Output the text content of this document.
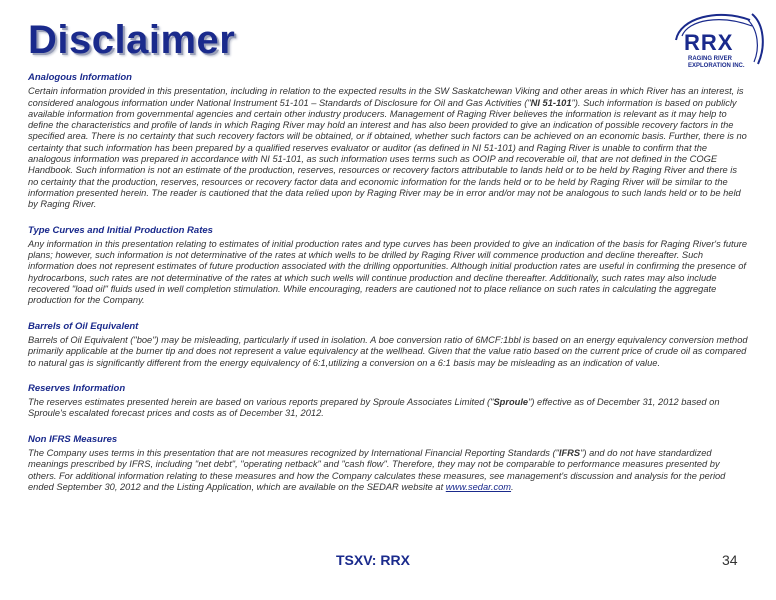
Disclaimer	RRX
RAGING RIVER
EXPLORATION INC.
Analogous Information
Certain information provided in this presentation, including in relation to the expected results in the SW Saskatchewan Viking and other areas in which River has an interest, is considered analogous information under National Instrument 51-101 – Standards of Disclosure for Oil and Gas Activities ("NI 51-101"). Such information is based on publicly available information from governmental agencies and certain other industry producers. Management of Raging River believes the information is relevant as it may help to define the characteristics and profile of lands in which Raging River may hold an interest and has also been provided to give an indication of possible recovery factors in the specified area. There is no certainty that such recovery factors will be obtained, or if obtained, whether such factors can be achieved on an economic basis. Further, there is no certainty that such information has been prepared by a qualified reserves evaluator or auditor (as defined in NI 51-101) and Raging River is unable to confirm that the analogous information was prepared in accordance with NI 51-101, as such information uses terms such as OOIP and recoverable oil, that are not defined in the COGE Handbook. Such information is not an estimate of the production, reserves, resources or recovery factors attributable to lands held or to be held by Raging River and there is no certainty that the production, reserves, resources or recovery factor data and economic information for the lands held or to be held by Raging River will be similar to the information presented herein. The reader is cautioned that the data relied upon by Raging River may be in error and/or may not be analogous to such lands held or to be held by Raging River.
Type Curves and Initial Production Rates
Any information in this presentation relating to estimates of initial production rates and type curves has been provided to give an indication of the basis for Raging River's future plans; however, such information is not determinative of the rates at which wells to be drilled by Raging River will commence production and decline thereafter. Such information does not represent estimates of future production associated with the drilling opportunities. Although initial production rates are useful in confirming the presence of hydrocarbons, such rates are not determinative of the rates at which such wells will continue production and decline thereafter. Additionally, such rates may also include recovered "load oil" fluids used in well completion stimulation. While encouraging, readers are cautioned not to place reliance on such rates in calculating the aggregate production for the Company.
Barrels of Oil Equivalent
Barrels of Oil Equivalent ("boe") may be misleading, particularly if used in isolation. A boe conversion ratio of 6MCF:1bbl is based on an energy equivalency conversion method primarily applicable at the burner tip and does not represent a value equivalency at the wellhead. Given that the value ratio based on the current price of crude oil as compared to natural gas is significantly different from the energy equivalency of 6:1,utilizing a conversion on a 6:1 basis may be misleading as an indication of value.
Reserves Information
The reserves estimates presented herein are based on various reports prepared by Sproule Associates Limited ("Sproule") effective as of December 31, 2012 based on Sproule's escalated forecast prices and costs as of December 31, 2012.
Non IFRS Measures
The Company uses terms in this presentation that are not measures recognized by International Financial Reporting Standards ("IFRS") and do not have standardized meanings prescribed by IFRS, including "net debt", "operating netback" and "cash flow". Therefore, they may not be comparable to performance measures presented by others. For additional information relating to these measures and how the Company calculates these measures, see management's discussion and analysis for the period ended September 30, 2012 and the Listing Application, which are available on the SEDAR website at www.sedar.com.
TSXV: RRX	34
